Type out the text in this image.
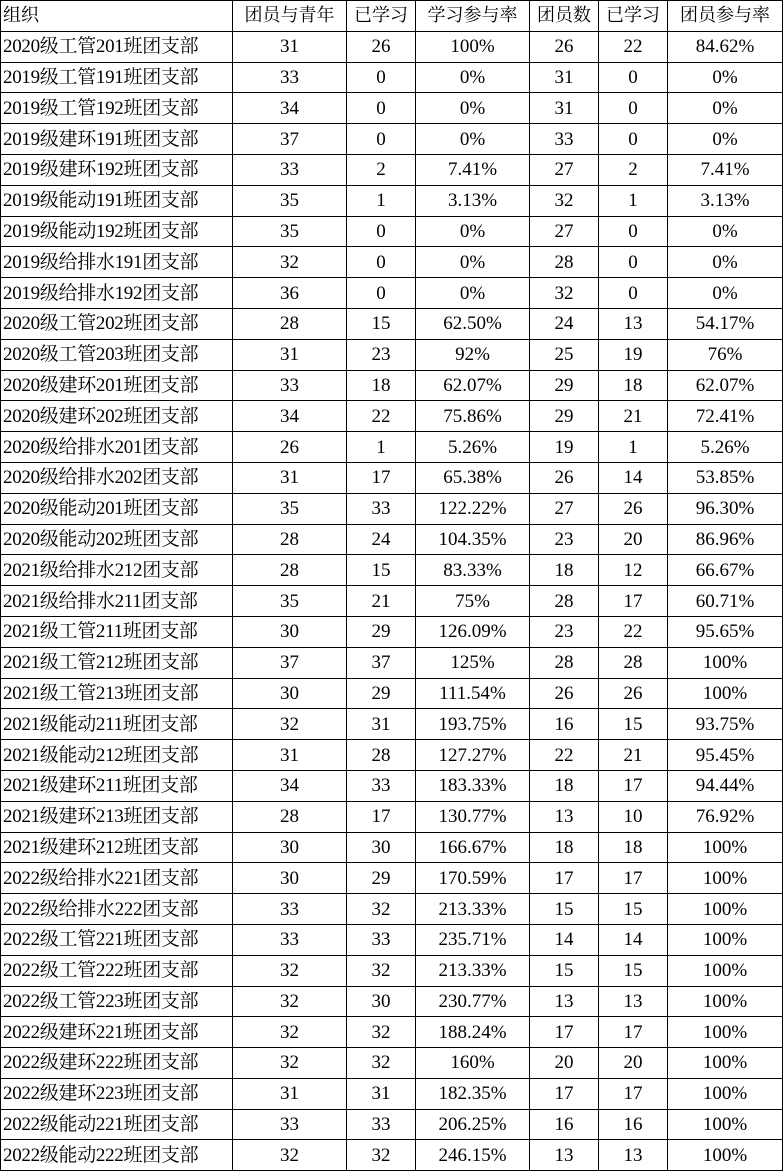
组织	团员与青年	已学习	学习参与率	团员数	已学习	团员参与率
2020级工管201班团支部	31	26	100%	26	22	84.62%
2019级工管191班团支部	33	0	0%	31	0	0%
2019级工管192班团支部	34	0	0%	31	0	0%
2019级建环191班团支部	37	0	0%	33	0	0%
2019级建环192班团支部	33	2	7.41%	27	2	7.41%
2019级能动191班团支部	35	1	3.13%	32	1	3.13%
2019级能动192班团支部	35	0	0%	27	0	0%
2019级给排水191团支部	32	0	0%	28	0	0%
2019级给排水192团支部	36	0	0%	32	0	0%
2020级工管202班团支部	28	15	62.50%	24	13	54.17%
2020级工管203班团支部	31	23	92%	25	19	76%
2020级建环201班团支部	33	18	62.07%	29	18	62.07%
2020级建环202班团支部	34	22	75.86%	29	21	72.41%
2020级给排水201团支部	26	1	5.26%	19	1	5.26%
2020级给排水202团支部	31	17	65.38%	26	14	53.85%
2020级能动201班团支部	35	33	122.22%	27	26	96.30%
2020级能动202班团支部	28	24	104.35%	23	20	86.96%
2021级给排水212团支部	28	15	83.33%	18	12	66.67%
2021级给排水211团支部	35	21	75%	28	17	60.71%
2021级工管211班团支部	30	29	126.09%	23	22	95.65%
2021级工管212班团支部	37	37	125%	28	28	100%
2021级工管213班团支部	30	29	111.54%	26	26	100%
2021级能动211班团支部	32	31	193.75%	16	15	93.75%
2021级能动212班团支部	31	28	127.27%	22	21	95.45%
2021级建环211班团支部	34	33	183.33%	18	17	94.44%
2021级建环213班团支部	28	17	130.77%	13	10	76.92%
2021级建环212班团支部	30	30	166.67%	18	18	100%
2022级给排水221团支部	30	29	170.59%	17	17	100%
2022级给排水222团支部	33	32	213.33%	15	15	100%
2022级工管221班团支部	33	33	235.71%	14	14	100%
2022级工管222班团支部	32	32	213.33%	15	15	100%
2022级工管223班团支部	32	30	230.77%	13	13	100%
2022级建环221班团支部	32	32	188.24%	17	17	100%
2022级建环222班团支部	32	32	160%	20	20	100%
2022级建环223班团支部	31	31	182.35%	17	17	100%
2022级能动221班团支部	33	33	206.25%	16	16	100%
2022级能动222班团支部	32	32	246.15%	13	13	100%
